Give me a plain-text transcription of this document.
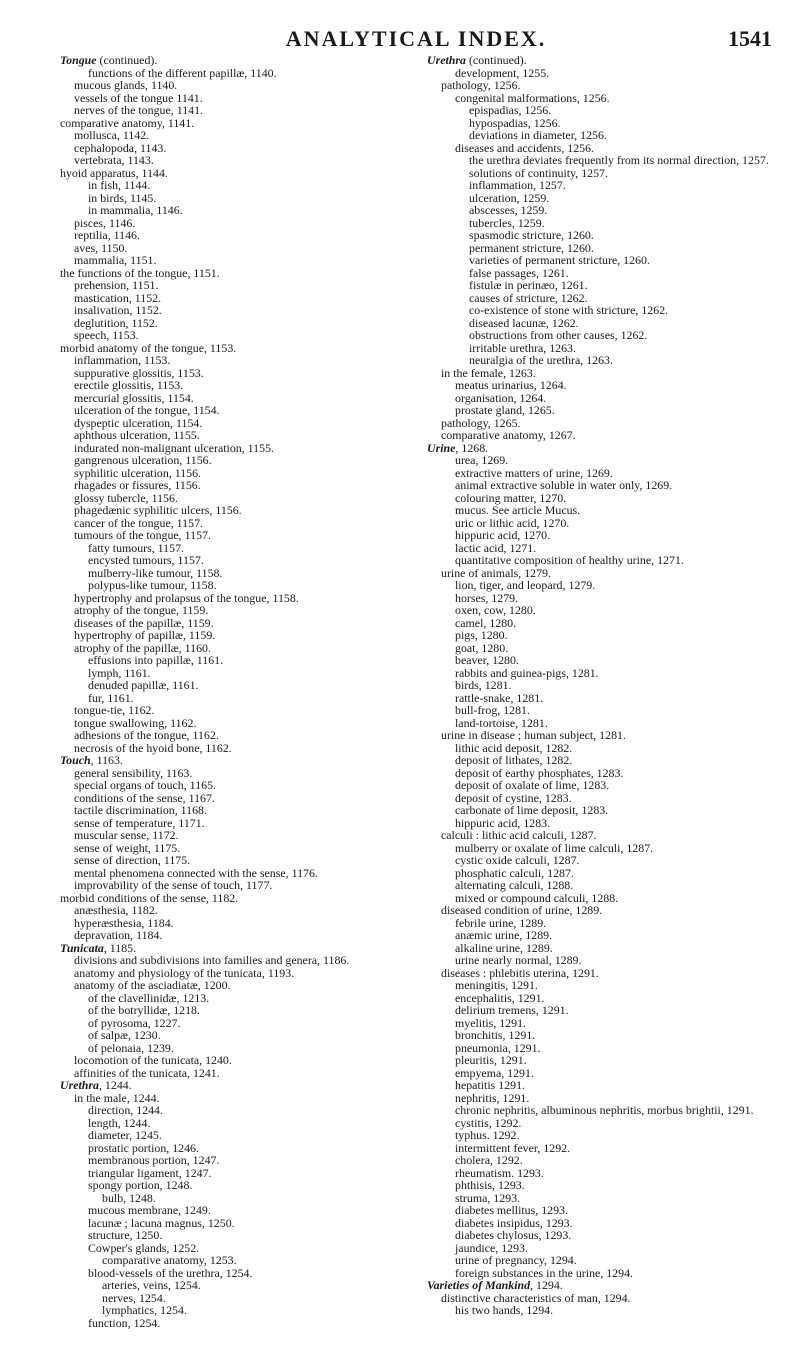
ANALYTICAL INDEX.	1541
Tongue (continued).
functions of the different papillæ, 1140.
mucous glands, 1140.
vessels of the tongue 1141.
nerves of the tongue, 1141.
comparative anatomy, 1141.
mollusca, 1142.
cephalopoda, 1143.
vertebrata, 1143.
hyoid apparatus, 1144.
in fish, 1144.
in birds, 1145.
in mammalia, 1146.
pisces, 1146.
reptilia, 1146.
aves, 1150.
mammalia, 1151.
the functions of the tongue, 1151.
prehension, 1151.
mastication, 1152.
insalivation, 1152.
deglutition, 1152.
speech, 1153.
morbid anatomy of the tongue, 1153.
inflammation, 1153.
suppurative glossitis, 1153.
erectile glossitis, 1153.
mercurial glossitis, 1154.
ulceration of the tongue, 1154.
dyspeptic ulceration, 1154.
aphthous ulceration, 1155.
indurated non-malignant ulceration, 1155.
gangrenous ulceration, 1156.
syphilitic ulceration, 1156.
rhagades or fissures, 1156.
glossy tubercle, 1156.
phagedænic syphilitic ulcers, 1156.
cancer of the tongue, 1157.
tumours of the tongue, 1157.
fatty tumours, 1157.
encysted tumours, 1157.
mulberry-like tumour, 1158.
polypus-like tumour, 1158.
hypertrophy and prolapsus of the tongue, 1158.
atrophy of the tongue, 1159.
diseases of the papillæ, 1159.
hypertrophy of papillæ, 1159.
atrophy of the papillæ, 1160.
effusions into papillæ, 1161.
lymph, 1161.
denuded papillæ, 1161.
fur, 1161.
tongue-tie, 1162.
tongue swallowing, 1162.
adhesions of the tongue, 1162.
necrosis of the hyoid bone, 1162.
Touch, 1163.
general sensibility, 1163.
special organs of touch, 1165.
conditions of the sense, 1167.
tactile discrimination, 1168.
sense of temperature, 1171.
muscular sense, 1172.
sense of weight, 1175.
sense of direction, 1175.
mental phenomena connected with the sense, 1176.
improvability of the sense of touch, 1177.
morbid conditions of the sense, 1182.
anæsthesia, 1182.
hyperæsthesia, 1184.
depravation, 1184.
Tunicata, 1185.
divisions and subdivisions into families and genera, 1186.
anatomy and physiology of the tunicata, 1193.
anatomy of the asciadiatæ, 1200.
of the clavellinidæ, 1213.
of the botryllidæ, 1218.
of pyrosoma, 1227.
of salpæ, 1230.
of pelonaia, 1239.
locomotion of the tunicata, 1240.
affinities of the tunicata, 1241.
Urethra, 1244.
in the male, 1244.
direction, 1244.
length, 1244.
diameter, 1245.
prostatic portion, 1246.
membranous portion, 1247.
triangular ligament, 1247.
spongy portion, 1248.
bulb, 1248.
mucous membrane, 1249.
lacunæ ; lacuna magnus, 1250.
structure, 1250.
Cowper's glands, 1252.
comparative anatomy, 1253.
blood-vessels of the urethra, 1254.
arteries, veins, 1254.
nerves, 1254.
lymphatics, 1254.
function, 1254.
Urethra (continued).
development, 1255.
pathology, 1256.
congenital malformations, 1256.
epispadias, 1256.
hypospadias, 1256.
deviations in diameter, 1256.
diseases and accidents, 1256.
the urethra deviates frequently from its normal direction, 1257.
solutions of continuity, 1257.
inflammation, 1257.
ulceration, 1259.
abscesses, 1259.
tubercles, 1259.
spasmodic stricture, 1260.
permanent stricture, 1260.
varieties of permanent stricture, 1260.
false passages, 1261.
fistulæ in perinæo, 1261.
causes of stricture, 1262.
co-existence of stone with stricture, 1262.
diseased lacunæ, 1262.
obstructions from other causes, 1262.
irritable urethra, 1263.
neuralgia of the urethra, 1263.
in the female, 1263.
meatus urinarius, 1264.
organisation, 1264.
prostate gland, 1265.
pathology, 1265.
comparative anatomy, 1267.
Urine, 1268.
urea, 1269.
extractive matters of urine, 1269.
animal extractive soluble in water only, 1269.
colouring matter, 1270.
mucus. See article Mucus.
uric or lithic acid, 1270.
hippuric acid, 1270.
lactic acid, 1271.
quantitative composition of healthy urine, 1271.
urine of animals, 1279.
lion, tiger, and leopard, 1279.
horses, 1279.
oxen, cow, 1280.
camel, 1280.
pigs, 1280.
goat, 1280.
beaver, 1280.
rabbits and guinea-pigs, 1281.
birds, 1281.
rattle-snake, 1281.
bull-frog, 1281.
land-tortoise, 1281.
urine in disease ; human subject, 1281.
lithic acid deposit, 1282.
deposit of lithates, 1282.
deposit of earthy phosphates, 1283.
deposit of oxalate of lime, 1283.
deposit of cystine, 1283.
carbonate of lime deposit, 1283.
hippuric acid, 1283.
calculi : lithic acid calculi, 1287.
mulberry or oxalate of lime calculi, 1287.
cystic oxide calculi, 1287.
phosphatic calculi, 1287.
alternating calculi, 1288.
mixed or compound calculi, 1288.
diseased condition of urine, 1289.
febrile urine, 1289.
anæmic urine, 1289.
alkaline urine, 1289.
urine nearly normal, 1289.
diseases : phlebitis uterina, 1291.
meningitis, 1291.
encephalitis, 1291.
delirium tremens, 1291.
myelitis, 1291.
bronchitis, 1291.
pneumonia, 1291.
pleuritis, 1291.
empyema, 1291.
hepatitis 1291.
nephritis, 1291.
chronic nephritis, albuminous nephritis, morbus brightii, 1291.
cystitis, 1292.
typhus. 1292.
intermittent fever, 1292.
cholera, 1292.
rheumatism. 1293.
phthisis, 1293.
struma, 1293.
diabetes mellitus, 1293.
diabetes insipidus, 1293.
diabetes chylosus, 1293.
jaundice, 1293.
urine of pregnancy, 1294.
foreign substances in the urine, 1294.
Varieties of Mankind, 1294.
distinctive characteristics of man, 1294.
his two hands, 1294.
